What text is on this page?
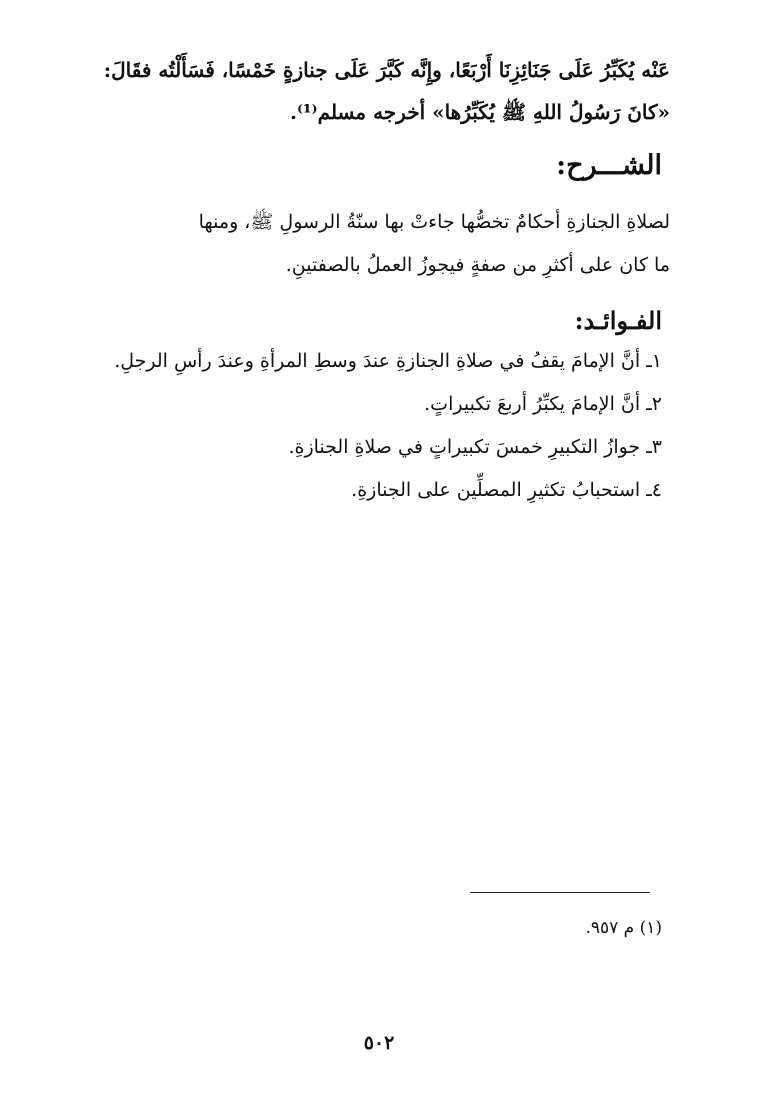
عَنْه يُكَبِّرُ عَلَى جَنَائِزِنَا أَرْبَعًا، وإِنَّه كَبَّرَ عَلَى جنازةٍ خَمْسًا، فَسَأَلْتُه فقَالَ:
«كانَ رَسُولُ اللهِ ﷺ يُكَبِّرُها» أخرجه مسلم⁽¹⁾.
الشـــرح:
لصلاةِ الجنازةِ أحكامٌ تخصُّها جاءتْ بها سنّةُ الرسولِ ﷺ، ومنها
ما كان على أكثرِ من صفةٍ فيجوزُ العملُ بالصفتينِ.
الفـوائـد:
١ـ أنَّ الإمامَ يقفُ في صلاةِ الجنازةِ عندَ وسطِ المرأةِ وعندَ رأسِ الرجلِ.
٢ـ أنَّ الإمامَ يكبِّرُ أربعَ تكبيراتٍ.
٣ـ جوازُ التكبيرِ خمسَ تكبيراتٍ في صلاةِ الجنازةِ.
٤ـ استحبابُ تكثيرِ المصلِّين على الجنازةِ.
(١) م ٩٥٧.
٥٠٢
